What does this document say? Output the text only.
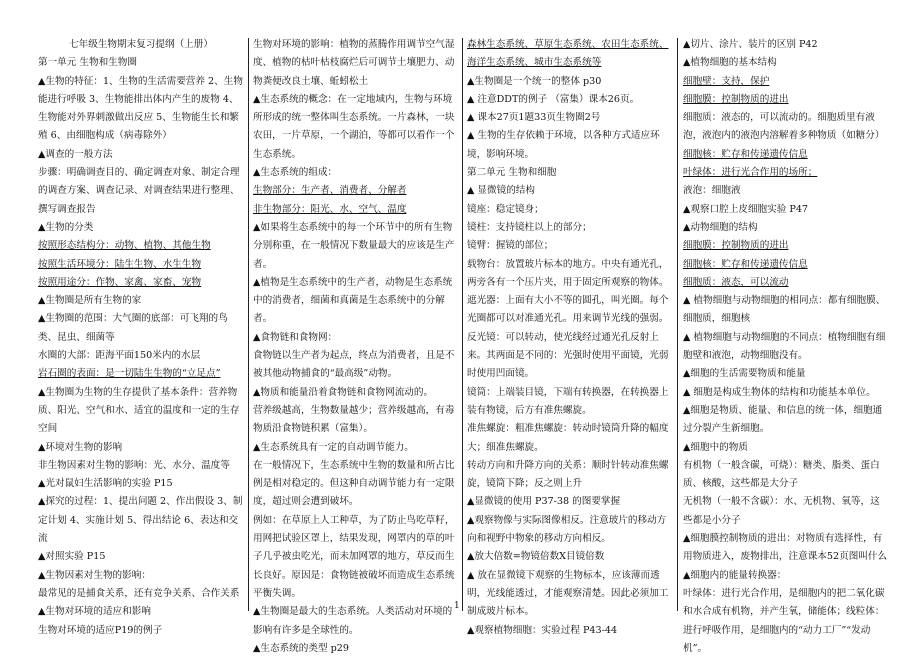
七年级生物期末复习提纲（上册）
第一单元 生物和生物圈
▲生物的特征：1、生物的生活需要营养 2、生物能进行呼吸 3、生物能排出体内产生的废物 4、生物能对外界刺激做出反应 5、生物能生长和繁殖 6、由细胞构成（病毒除外）
▲调查的一般方法
步骤：明确调查目的、确定调查对象、制定合理的调查方案、调查记录、对调查结果进行整理、撰写调查报告
▲生物的分类
按照形态结构分：动物、植物、其他生物
按照生活环境分：陆生生物、水生生物
按照用途分：作物、家禽、家畜、宠物
▲生物圈是所有生物的家
▲生物圈的范围：大气圈的底部：可飞翔的鸟类、昆虫、细菌等
水圈的大部：距海平面150米内的水层
岩石圈的表面：是一切陆生生物的“立足点”
▲生物圈为生物的生存提供了基本条件：营养物质、阳光、空气和水、适宜的温度和一定的生存空间
▲环境对生物的影响
非生物因素对生物的影响：光、水分、温度等
▲光对鼠妇生活影响的实验 P15
▲探究的过程：1、提出问题 2、作出假设 3、制定计划 4、实施计划 5、得出结论 6、表达和交流
▲对照实验 P15
▲生物因素对生物的影响：
最常见的是捕食关系，还有竞争关系、合作关系
▲生物对环境的适应和影响
生物对环境的适应P19的例子
生物对环境的影响：植物的蒸腾作用调节空气湿度、植物的枯叶枯枝腐烂后可调节土壤肥力、动物粪便改良土壤、蚯蚓松土
▲生态系统的概念：在一定地域内，生物与环境所形成的统一整体叫生态系统。一片森林，一块农田，一片草原，一个湖泊，等都可以看作一个生态系统。
▲生态系统的组成：
生物部分：生产者、消费者、分解者
非生物部分：阳光、水、空气、温度
▲如果将生态系统中的每一个环节中的所有生物分别称重，在一般情况下数量最大的应该是生产者。
▲植物是生态系统中的生产者，动物是生态系统中的消费者，细菌和真菌是生态系统中的分解者。
▲食物链和食物网：
食物链以生产者为起点，终点为消费者，且是不被其他动物捕食的“最高级”动物。
▲物质和能量沿着食物链和食物网流动的。
营养级越高，生物数量越少；营养级越高，有毒物质沿食物链积累（富集）。
▲生态系统具有一定的自动调节能力。
在一般情况下，生态系统中生物的数量和所占比例是相对稳定的。但这种自动调节能力有一定限度，超过则会遭到破坏。
例如：在草原上人工种草，为了防止鸟吃草籽，用网把试验区罩上，结果发现，网罩内的草的叶子几乎被虫吃光，而未加网罩的地方，草反而生长良好。原因是：食物链被破坏而造成生态系统平衡失调。
▲生物圈是最大的生态系统。人类活动对环境的影响有许多是全球性的。
▲生态系统的类型 p29
森林生态系统、草原生态系统、农田生态系统、海洋生态系统、城市生态系统等
▲生物圈是一个统一的整体 p30
▲ 注意DDT的例子 （富集）课本26页。
▲ 课本27页1题33页生物圈2号
▲ 生物的生存依赖于环境，以各种方式适应环境，影响环境。
第二单元 生物和细胞
▲ 显微镜的结构
镜座：稳定镜身；
镜柱：支持镜柱以上的部分；
镜臂：握镜的部位；
载物台：放置玻片标本的地方。中央有通光孔，两旁各有一个压片夹，用于固定所观察的物体。
遮光器：上面有大小不等的圆孔，叫光圈。每个光圈都可以对准通光孔。用来调节光线的强弱。
反光镜：可以转动，使光线经过通光孔反射上来。其两面是不同的：光强时使用平面镜，光弱时使用凹面镜。
镜筒：上端装目镜，下端有转换器，在转换器上装有物镜，后方有准焦螺旋。
准焦螺旋：粗准焦螺旋：转动时镜筒升降的幅度大；细准焦螺旋。
转动方向和升降方向的关系：顺时针转动准焦螺旋，镜筒下降；反之则上升
▲显微镜的使用 P37-38 的图要掌握
▲观察物像与实际图像相反。注意玻片的移动方向和视野中物象的移动方向相反。
▲放大倍数=物镜倍数X目镜倍数
▲ 放在显微镜下观察的生物标本，应该薄而透明，光线能透过，才能观察清楚。因此必须加工制成玻片标本。
▲观察植物细胞：实验过程 P43-44
▲切片、涂片、装片的区别 P42
▲植物细胞的基本结构
细胞壁：支持，保护
细胞膜：控制物质的进出
细胞质：液态的，可以流动的。细胞质里有液泡，液泡内的液泡内溶解着多种物质（如糖分）
细胞核：贮存和传递遗传信息
叶绿体：进行光合作用的场所；
液泡：细胞液
▲观察口腔上皮细胞实验 P47
▲动物细胞的结构
细胞膜：控制物质的进出
细胞核：贮存和传递遗传信息
细胞质：液态，可以流动
▲ 植物细胞与动物细胞的相同点：都有细胞膜、细胞质，细胞核
▲ 植物细胞与动物细胞的不同点：植物细胞有细胞壁和液泡，动物细胞没有。
▲细胞的生活需要物质和能量
▲ 细胞是构成生物体的结构和功能基本单位。
▲细胞是物质、能量、和信息的统一体，细胞通过分裂产生新细胞。
▲细胞中的物质
有机物（一般含碳，可烧）：糖类、脂类、蛋白质、核酸，这些都是大分子
无机物（一般不含碳）：水、无机物、氧等，这些都是小分子
▲细胞膜控制物质的进出：对物质有选择性，有用物质进入，废物排出，注意课本52页图叫什么
▲细胞内的能量转换器：
叶绿体：进行光合作用，是细胞内的把二氧化碳和水合成有机物，并产生氧，储能体；线粒体：进行呼吸作用，是细胞内的“动力工厂”“发动机”。
1
